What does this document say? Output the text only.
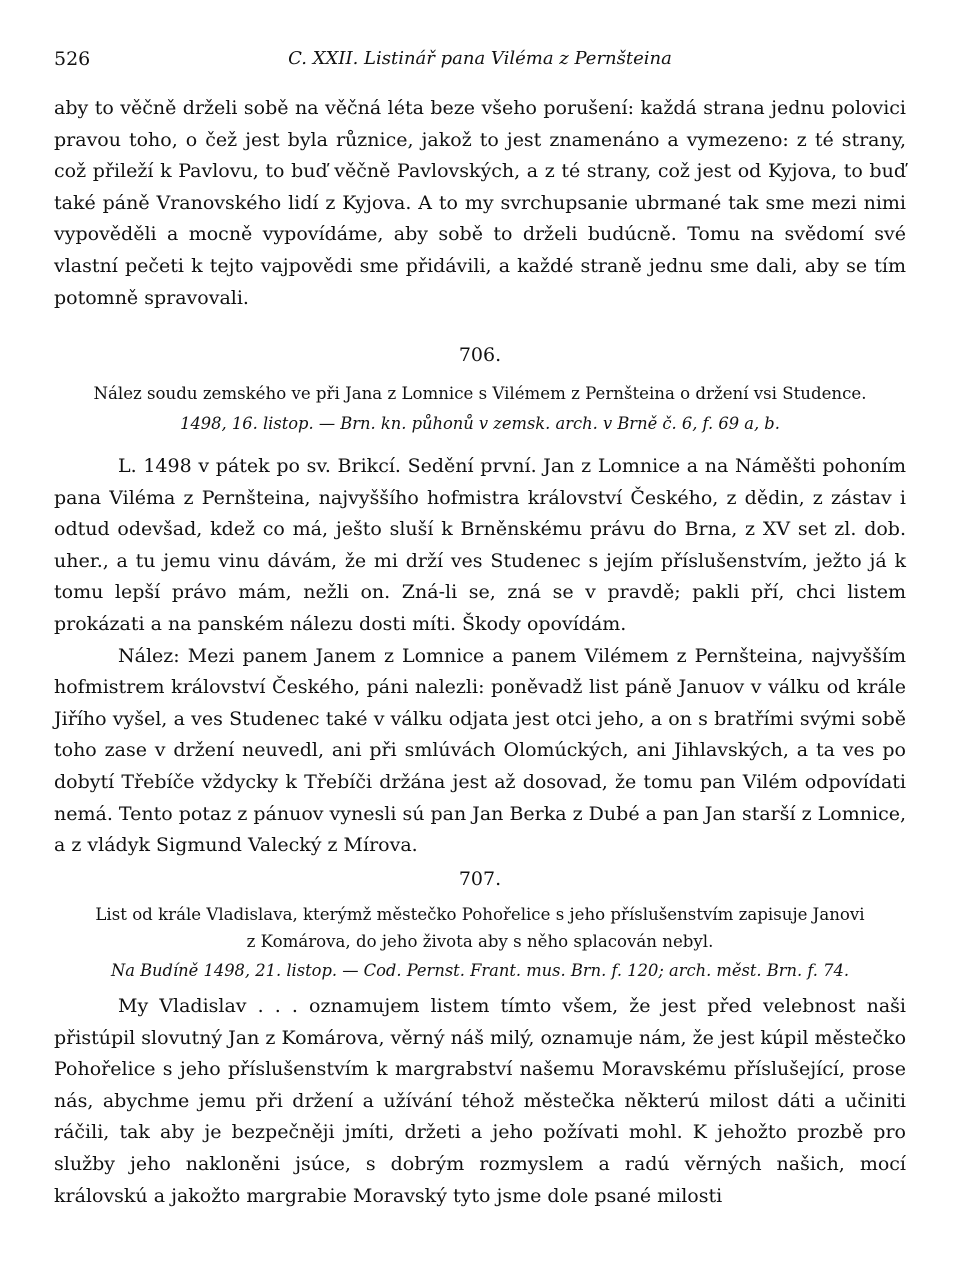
526	C. XXII. Listinář pana Viléma z Pernšteina

aby to věčně drželi sobě na věčná léta beze všeho porušení: každá strana jednu polovici pravou toho, o čež jest byla různice, jakož to jest znamenáno a vymezeno: z té strany, což přileží k Pavlovu, to buď věčně Pavlovských, a z té strany, což jest od Kyjova, to buď také páně Vranovského lidí z Kyjova. A to my svrchupsanie ubrmané tak sme mezi nimi vypověděli a mocně vypovídáme, aby sobě to drželi budúcně. Tomu na svědomí své vlastní pečeti k tejto vajpovědi sme přidávili, a každé straně jednu sme dali, aby se tím potomně spravovali.

706.
Nález soudu zemského ve při Jana z Lomnice s Vilémem z Pernšteina o držení vsi Studence.
1498, 16. listop. — Brn. kn. půhonů v zemsk. arch. v Brně č. 6, f. 69 a, b.

L. 1498 v pátek po sv. Brikcí. Sedění první. Jan z Lomnice a na Náměšti pohoním pana Viléma z Pernšteina, najvyššího hofmistra království Českého, z dědin, z zástav i odtud odevšad, kdež co má, ješto sluší k Brněnskému právu do Brna, z XV set zl. dob. uher., a tu jemu vinu dávám, že mi drží ves Studenec s jejím příslušenstvím, ježto já k tomu lepší právo mám, nežli on. Zná-li se, zná se v pravdě; pakli pří, chci listem prokázati a na panském nálezu dosti míti. Škody opovídám.

Nález: Mezi panem Janem z Lomnice a panem Vilémem z Pernšteina, najvyšším hofmistrem království Českého, páni nalezli: poněvadž list páně Januov v válku od krále Jiřího vyšel, a ves Studenec také v válku odjata jest otci jeho, a on s bratřími svými sobě toho zase v držení neuvedl, ani při smlúvách Olomúckých, ani Jihlavských, a ta ves po dobytí Třebíče vždycky k Třebíči držána jest až dosovad, že tomu pan Vilém odpovídati nemá. Tento potaz z pánuov vynesli sú pan Jan Berka z Dubé a pan Jan starší z Lomnice, a z vládyk Sigmund Valecký z Mírova.

707.
List od krále Vladislava, kterýmž městečko Pohořelice s jeho příslušenstvím zapisuje Janovi
z Komárova, do jeho života aby s něho splacován nebyl.
Na Budíně 1498, 21. listop. — Cod. Pernst. Frant. mus. Brn. f. 120; arch. měst. Brn. f. 74.

My Vladislav . . . oznamujem listem tímto všem, že jest před velebnost naši přistúpil slovutný Jan z Komárova, věrný náš milý, oznamuje nám, že jest kúpil městečko Pohořelice s jeho příslušenstvím k margrabství našemu Moravskému příslušející, prose nás, abychme jemu při držení a užívání téhož městečka některú milost dáti a učiniti ráčili, tak aby je bezpečněji jmíti, držeti a jeho požívati mohl. K jehožto prozbě pro služby jeho nakloněni jsúce, s dobrým rozmyslem a radú věrných našich, mocí královskú a jakožto margrabie Moravský tyto jsme dole psané milosti
